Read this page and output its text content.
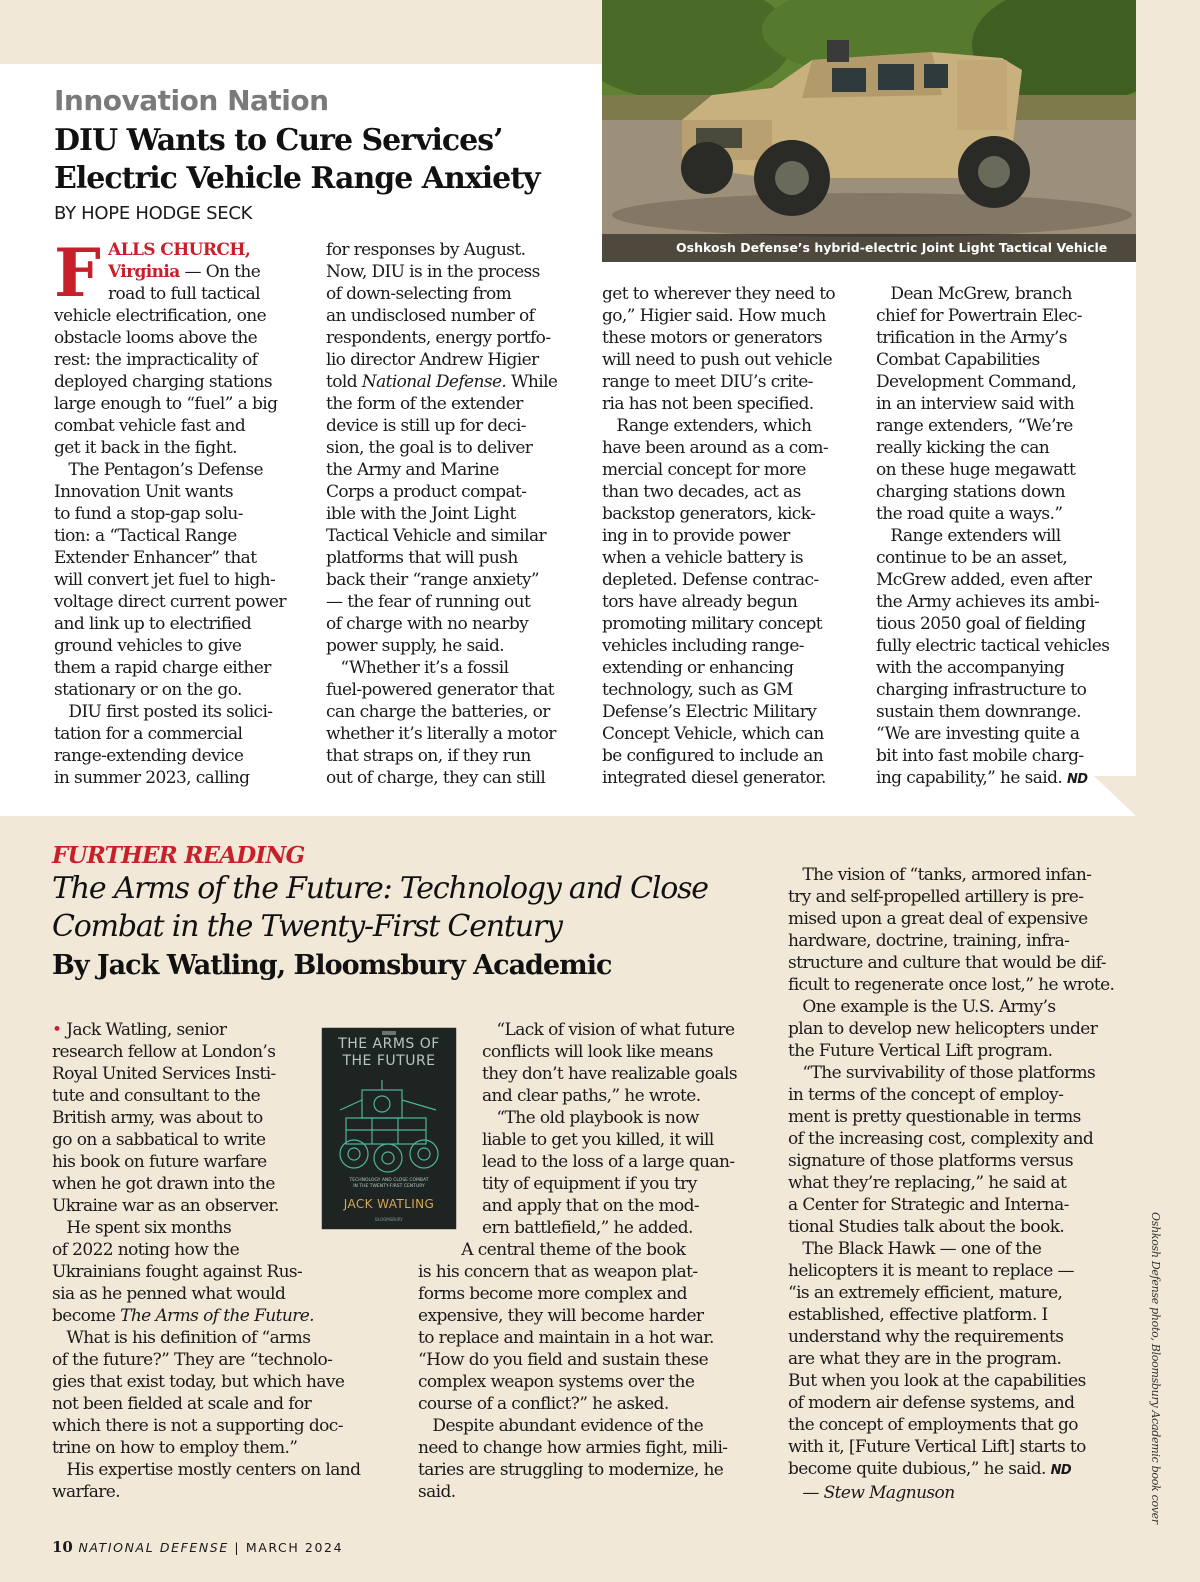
Oshkosh Defense’s hybrid-electric Joint Light Tactical Vehicle
Innovation Nation
DIU Wants to Cure Services’ Electric Vehicle Range Anxiety
BY HOPE HODGE SECK
F ALLS CHURCH,

Virginia — On the

road to full tactical

vehicle electrification, one
obstacle looms above the
rest: the impracticality of
deployed charging stations
large enough to “fuel” a big
combat vehicle fast and
get it back in the fight.
The Pentagon’s Defense
Innovation Unit wants
to fund a stop-gap solu-
tion: a “Tactical Range
Extender Enhancer” that
will convert jet fuel to high-
voltage direct current power
and link up to electrified
ground vehicles to give
them a rapid charge either
stationary or on the go.
DIU first posted its solici-
tation for a commercial
range-extending device
in summer 2023, calling

for responses by August.
Now, DIU is in the process
of down-selecting from
an undisclosed number of
respondents, energy portfo-
lio director Andrew Higier
told National Defense. While
the form of the extender
device is still up for deci-
sion, the goal is to deliver
the Army and Marine
Corps a product compat-
ible with the Joint Light
Tactical Vehicle and similar
platforms that will push
back their “range anxiety”
— the fear of running out
of charge with no nearby
power supply, he said.
“Whether it’s a fossil
fuel-powered generator that
can charge the batteries, or
whether it’s literally a motor
that straps on, if they run
out of charge, they can still

get to wherever they need to
go,” Higier said. How much
these motors or generators
will need to push out vehicle
range to meet DIU’s crite-
ria has not been specified.
Range extenders, which
have been around as a com-
mercial concept for more
than two decades, act as
backstop generators, kick-
ing in to provide power
when a vehicle battery is
depleted. Defense contrac-
tors have already begun
promoting military concept
vehicles including range-
extending or enhancing
technology, such as GM
Defense’s Electric Military
Concept Vehicle, which can
be configured to include an
integrated diesel generator.

Dean McGrew, branch
chief for Powertrain Elec-
trification in the Army’s
Combat Capabilities
Development Command,
in an interview said with
range extenders, “We’re
really kicking the can
on these huge megawatt
charging stations down
the road quite a ways.”
Range extenders will
continue to be an asset,
McGrew added, even after
the Army achieves its ambi-
tious 2050 goal of fielding
fully electric tactical vehicles
with the accompanying
charging infrastructure to
sustain them downrange.
“We are investing quite a
bit into fast mobile charg-
ing capability,” he said. ND

FURTHER READING
The Arms of the Future: Technology and Close Combat in the Twenty-First Century
By Jack Watling, Bloomsbury Academic

• Jack Watling, senior
research fellow at London’s
Royal United Services Insti-
tute and consultant to the
British army, was about to
go on a sabbatical to write
his book on future warfare
when he got drawn into the
Ukraine war as an observer.
He spent six months
of 2022 noting how the
Ukrainians fought against Rus-
sia as he penned what would
become The Arms of the Future.
What is his definition of “arms
of the future?” They are “technolo-
gies that exist today, but which have
not been fielded at scale and for
which there is not a supporting doc-
trine on how to employ them.”
His expertise mostly centers on land
warfare.

THE ARMS OF
THE FUTURE
TECHNOLOGY AND CLOSE COMBAT
IN THE TWENTY-FIRST CENTURY
JACK WATLING
BLOOMSBURY

“Lack of vision of what future
conflicts will look like means
they don’t have realizable goals
and clear paths,” he wrote.
“The old playbook is now
liable to get you killed, it will
lead to the loss of a large quan-
tity of equipment if you try
and apply that on the mod-
ern battlefield,” he added.

A central theme of the book
is his concern that as weapon plat-
forms become more complex and
expensive, they will become harder
to replace and maintain in a hot war.
“How do you field and sustain these
complex weapon systems over the
course of a conflict?” he asked.
Despite abundant evidence of the
need to change how armies fight, mili-
taries are struggling to modernize, he
said.

The vision of “tanks, armored infan-
try and self-propelled artillery is pre-
mised upon a great deal of expensive
hardware, doctrine, training, infra-
structure and culture that would be dif-
ficult to regenerate once lost,” he wrote.
One example is the U.S. Army’s
plan to develop new helicopters under
the Future Vertical Lift program.
“The survivability of those platforms
in terms of the concept of employ-
ment is pretty questionable in terms
of the increasing cost, complexity and
signature of those platforms versus
what they’re replacing,” he said at
a Center for Strategic and Interna-
tional Studies talk about the book.
The Black Hawk — one of the
helicopters it is meant to replace —
“is an extremely efficient, mature,
established, effective platform. I
understand why the requirements
are what they are in the program.
But when you look at the capabilities
of modern air defense systems, and
the concept of employments that go
with it, [Future Vertical Lift] starts to
become quite dubious,” he said. ND

— Stew Magnuson

10 NATIONAL DEFENSE | MARCH 2024
Oshkosh Defense photo, Bloomsbury Academic book cover
